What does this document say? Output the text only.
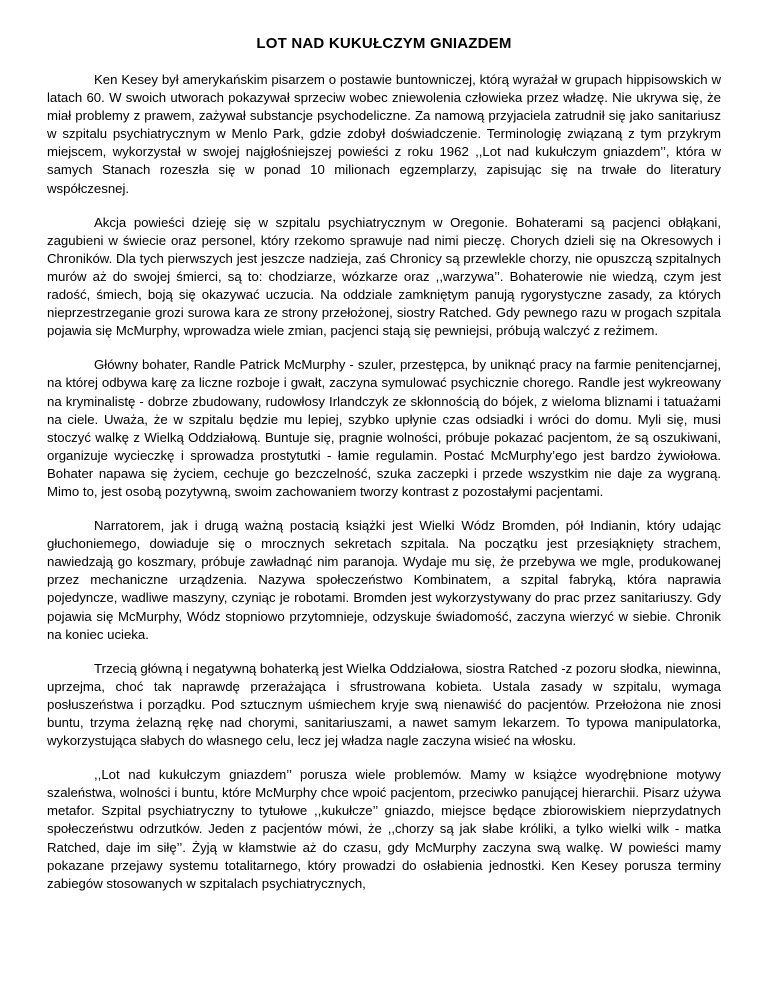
LOT NAD KUKUŁCZYM GNIAZDEM

Ken Kesey był amerykańskim pisarzem o postawie buntowniczej, którą wyrażał w grupach hippisowskich w latach 60. W swoich utworach pokazywał sprzeciw wobec zniewolenia człowieka przez władzę. Nie ukrywa się, że miał problemy z prawem, zażywał substancje psychodeliczne. Za namową przyjaciela zatrudnił się jako sanitariusz w szpitalu psychiatrycznym w Menlo Park, gdzie zdobył doświadczenie. Terminologię związaną z tym przykrym miejscem, wykorzystał w swojej najgłośniejszej powieści z roku 1962 ,,Lot nad kukułczym gniazdem’’, która w samych Stanach rozeszła się w ponad 10 milionach egzemplarzy, zapisując się na trwałe do literatury współczesnej.

Akcja powieści dzieję się w szpitalu psychiatrycznym w Oregonie. Bohaterami są pacjenci obłąkani, zagubieni w świecie oraz personel, który rzekomo sprawuje nad nimi pieczę. Chorych dzieli się na Okresowych i Chroników. Dla tych pierwszych jest jeszcze nadzieja, zaś Chronicy są przewlekle chorzy, nie opuszczą szpitalnych murów aż do swojej śmierci, są to: chodziarze, wózkarze oraz ,,warzywa’’. Bohaterowie nie wiedzą, czym jest radość, śmiech, boją się okazywać uczucia. Na oddziale zamkniętym panują rygorystyczne zasady, za których nieprzestrzeganie grozi surowa kara ze strony przełożonej, siostry Ratched. Gdy pewnego razu w progach szpitala pojawia się McMurphy, wprowadza wiele zmian, pacjenci stają się pewniejsi, próbują walczyć z reżimem.

Główny bohater, Randle Patrick McMurphy - szuler, przestępca, by uniknąć pracy na farmie penitencjarnej, na której odbywa karę za liczne rozboje i gwałt, zaczyna symulować psychicznie chorego. Randle jest wykreowany na kryminalistę - dobrze zbudowany, rudowłosy Irlandczyk ze skłonnością do bójek, z wieloma bliznami i tatuażami na ciele. Uważa, że w szpitalu będzie mu lepiej, szybko upłynie czas odsiadki i wróci do domu. Myli się, musi stoczyć walkę z Wielką Oddziałową. Buntuje się, pragnie wolności, próbuje pokazać pacjentom, że są oszukiwani, organizuje wycieczkę i sprowadza prostytutki - łamie regulamin. Postać McMurphy’ego jest bardzo żywiołowa. Bohater napawa się życiem, cechuje go bezczelność, szuka zaczepki i przede wszystkim nie daje za wygraną. Mimo to, jest osobą pozytywną, swoim zachowaniem tworzy kontrast z pozostałymi pacjentami.

Narratorem, jak i drugą ważną postacią książki jest Wielki Wódz Bromden, pół Indianin, który udając głuchoniemego, dowiaduje się o mrocznych sekretach szpitala. Na początku jest przesiąknięty strachem, nawiedzają go koszmary, próbuje zawładnąć nim paranoja. Wydaje mu się, że przebywa we mgle, produkowanej przez mechaniczne urządzenia. Nazywa społeczeństwo Kombinatem, a szpital fabryką, która naprawia pojedyncze, wadliwe maszyny, czyniąc je robotami. Bromden jest wykorzystywany do prac przez sanitariuszy. Gdy pojawia się McMurphy, Wódz stopniowo przytomnieje, odzyskuje świadomość, zaczyna wierzyć w siebie. Chronik na koniec ucieka.

Trzecią główną i negatywną bohaterką jest Wielka Oddziałowa, siostra Ratched -z pozoru słodka, niewinna, uprzejma, choć tak naprawdę przerażająca i sfrustrowana kobieta. Ustala zasady w szpitalu, wymaga posłuszeństwa i porządku. Pod sztucznym uśmiechem kryje swą nienawiść do pacjentów. Przełożona nie znosi buntu, trzyma żelazną rękę nad chorymi, sanitariuszami, a nawet samym lekarzem. To typowa manipulatorka, wykorzystująca słabych do własnego celu, lecz jej władza nagle zaczyna wisieć na włosku.

,,Lot nad kukułczym gniazdem’’ porusza wiele problemów. Mamy w książce wyodrębnione motywy szaleństwa, wolności i buntu, które McMurphy chce wpoić pacjentom, przeciwko panującej hierarchii. Pisarz używa metafor. Szpital psychiatryczny to tytułowe ,,kukułcze’’ gniazdo, miejsce będące zbiorowiskiem nieprzydatnych społeczeństwu odrzutków. Jeden z pacjentów mówi, że ,,chorzy są jak słabe króliki, a tylko wielki wilk - matka Ratched, daje im siłę’’. Żyją w kłamstwie aż do czasu, gdy McMurphy zaczyna swą walkę. W powieści mamy pokazane przejawy systemu totalitarnego, który prowadzi do osłabienia jednostki. Ken Kesey porusza terminy zabiegów stosowanych w szpitalach psychiatrycznych,
